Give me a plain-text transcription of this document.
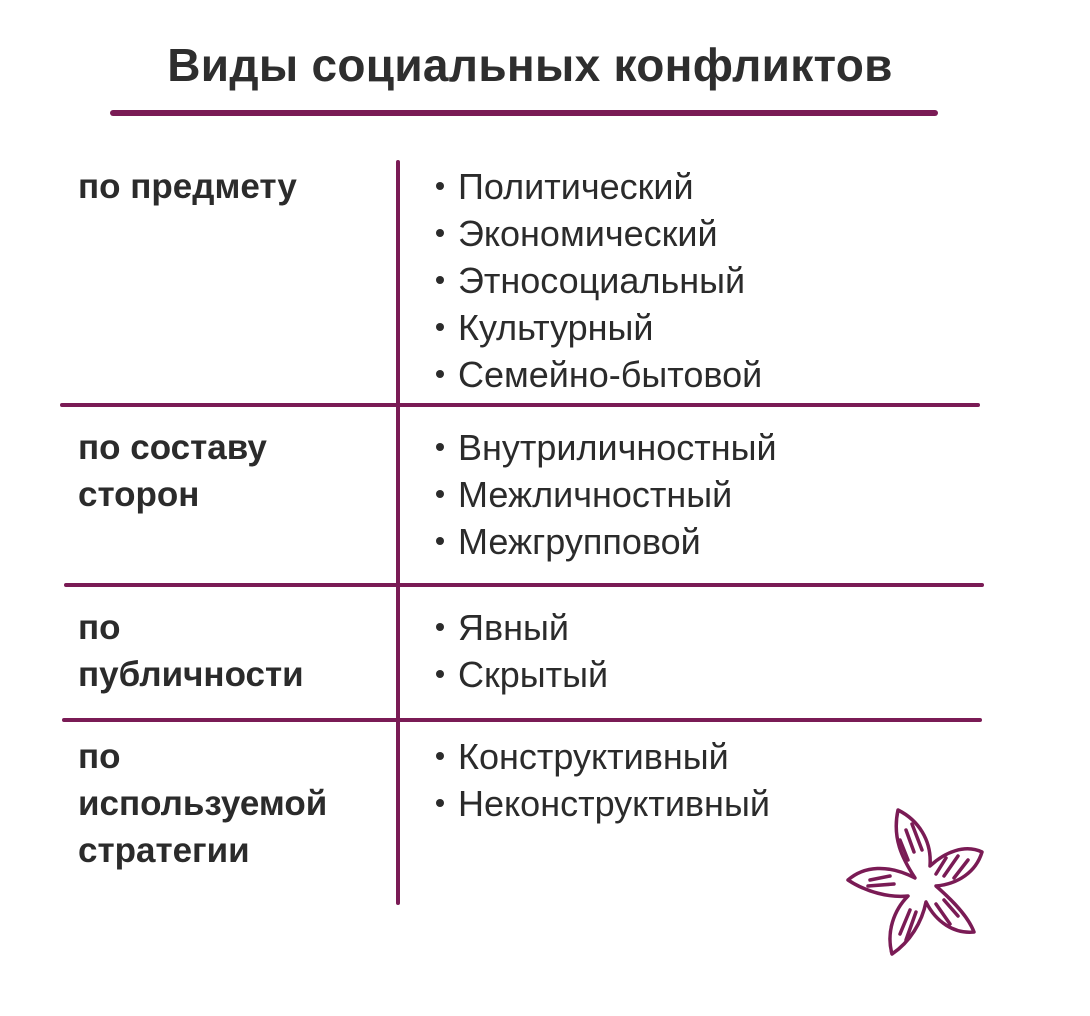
Виды социальных конфликтов
по предмету	Политический
Экономический
Этносоциальный
Культурный
Семейно-бытовой
по составу
сторон
Внутриличностный
Межличностный
Межгрупповой
по
публичности
Явный
Скрытый
по
используемой
стратегии
Конструктивный
Неконструктивный
